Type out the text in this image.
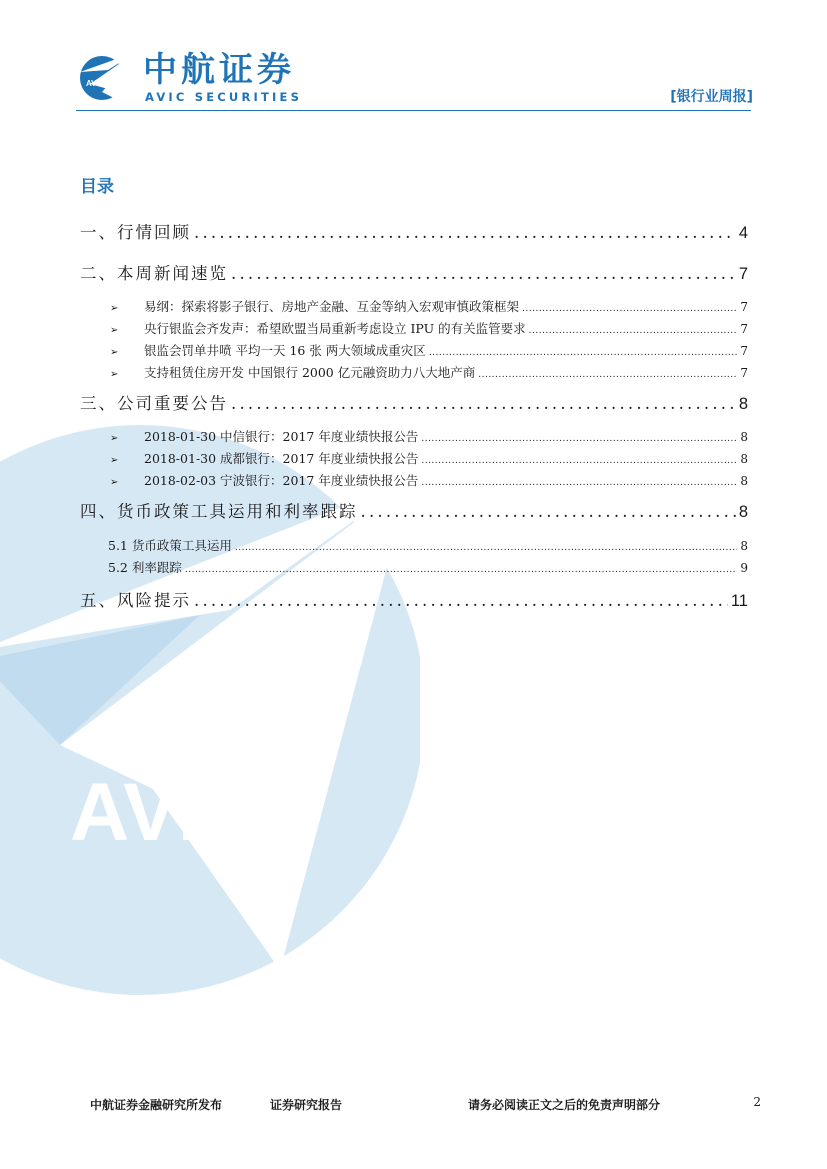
AVIC
AVIC 中航证券
AVIC SECURITIES	[银行业周报]
目录
一、行情回顾 .....	4
二、本周新闻速览 .....	7
➢	易纲：探索将影子银行、房地产金融、互金等纳入宏观审慎政策框架 .....	7
➢	央行银监会齐发声：希望欧盟当局重新考虑设立 IPU 的有关监管要求 .....	7
➢	银监会罚单井喷 平均一天 16 张 两大领域成重灾区 .....	7
➢	支持租赁住房开发 中国银行 2000 亿元融资助力八大地产商 .....	7
三、公司重要公告 .....	8
➢	2018-01-30 中信银行：2017 年度业绩快报公告 .....	8
➢	2018-01-30 成都银行：2017 年度业绩快报公告 .....	8
➢	2018-02-03 宁波银行：2017 年度业绩快报公告 .....	8
四、货币政策工具运用和利率跟踪 .....	8
5.1 货币政策工具运用 .....	8
5.2 利率跟踪 .....	9
五、风险提示 .....	11
中航证券金融研究所发布	证券研究报告	请务必阅读正文之后的免责声明部分	2
